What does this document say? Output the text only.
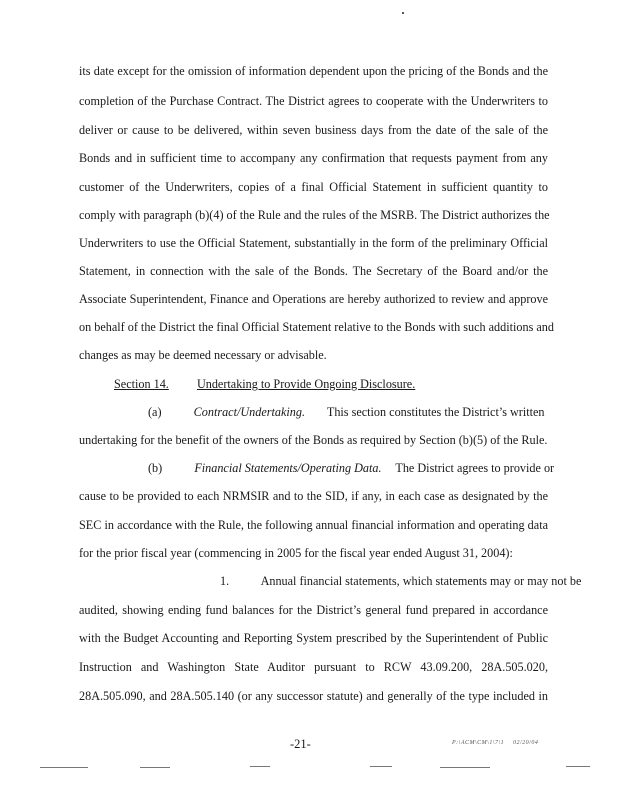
its date except for the omission of information dependent upon the pricing of the Bonds and the
completion of the Purchase Contract. The District agrees to cooperate with the Underwriters to
deliver or cause to be delivered, within seven business days from the date of the sale of the
Bonds and in sufficient time to accompany any confirmation that requests payment from any
customer of the Underwriters, copies of a final Official Statement in sufficient quantity to
comply with paragraph (b)(4) of the Rule and the rules of the MSRB. The District authorizes the
Underwriters to use the Official Statement, substantially in the form of the preliminary Official
Statement, in connection with the sale of the Bonds. The Secretary of the Board and/or the
Associate Superintendent, Finance and Operations are hereby authorized to review and approve
on behalf of the District the final Official Statement relative to the Bonds with such additions and
changes as may be deemed necessary or advisable.
Section 14. Undertaking to Provide Ongoing Disclosure.
(a)	Contract/Undertaking. This section constitutes the District’s written
undertaking for the benefit of the owners of the Bonds as required by Section (b)(5) of the Rule.
(b)	Financial Statements/Operating Data. The District agrees to provide or
cause to be provided to each NRMSIR and to the SID, if any, in each case as designated by the
SEC in accordance with the Rule, the following annual financial information and operating data
for the prior fiscal year (commencing in 2005 for the fiscal year ended August 31, 2004):
1.	Annual financial statements, which statements may or may not be
audited, showing ending fund balances for the District’s general fund prepared in accordance
with the Budget Accounting and Reporting System prescribed by the Superintendent of Public
Instruction and Washington State Auditor pursuant to RCW 43.09.200, 28A.505.020,
28A.505.090, and 28A.505.140 (or any successor statute) and generally of the type included in
-21-	P:\ACM\CM\1\7\1 02/20/04
